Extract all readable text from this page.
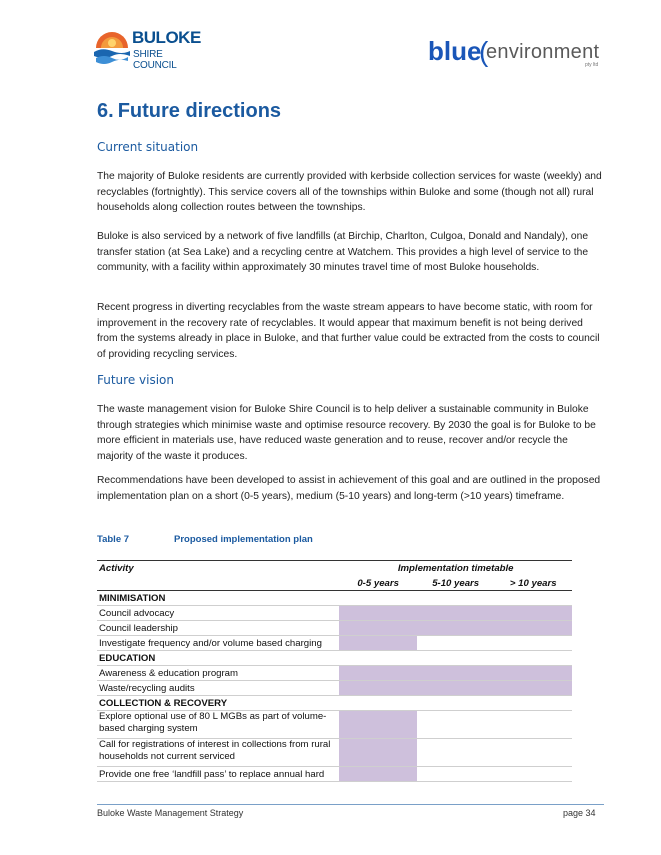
BULOKE
SHIRE COUNCIL	blue
(
environment
pty ltd
6. Future directions
Current situation

The majority of Buloke residents are currently provided with kerbside collection services for waste (weekly) and recyclables (fortnightly). This service covers all of the townships within Buloke and some (though not all) rural households along collection routes between the townships.

Buloke is also serviced by a network of five landfills (at Birchip, Charlton, Culgoa, Donald and Nandaly), one transfer station (at Sea Lake) and a recycling centre at Watchem. This provides a high level of service to the community, with a facility within approximately 30 minutes travel time of most Buloke households.

Recent progress in diverting recyclables from the waste stream appears to have become static, with room for improvement in the recovery rate of recyclables. It would appear that maximum benefit is not being derived from the systems already in place in Buloke, and that further value could be extracted from the costs to council of providing recycling services.

Future vision

The waste management vision for Buloke Shire Council is to help deliver a sustainable community in Buloke through strategies which minimise waste and optimise resource recovery. By 2030 the goal is for Buloke to be more efficient in materials use, have reduced waste generation and to reuse, recover and/or recycle the majority of the waste it produces.

Recommendations have been developed to assist in achievement of this goal and are outlined in the proposed implementation plan on a short (0-5 years), medium (5-10 years) and long-term (>10 years) timeframe.

Table 7	Proposed implementation plan
Activity	Implementation timetable		
	0-5 years	5-10 years	> 10 years
MINIMISATION			
Council advocacy			
Council leadership			
Investigate frequency and/or volume based charging			
EDUCATION			
Awareness & education program			
Waste/recycling audits			
COLLECTION & RECOVERY			
Explore optional use of 80 L MGBs as part of volume-based charging system			
Call for registrations of interest in collections from rural households not current serviced			
Provide one free ‘landfill pass’ to replace annual hard			
Buloke Waste Management Strategy	page 34
